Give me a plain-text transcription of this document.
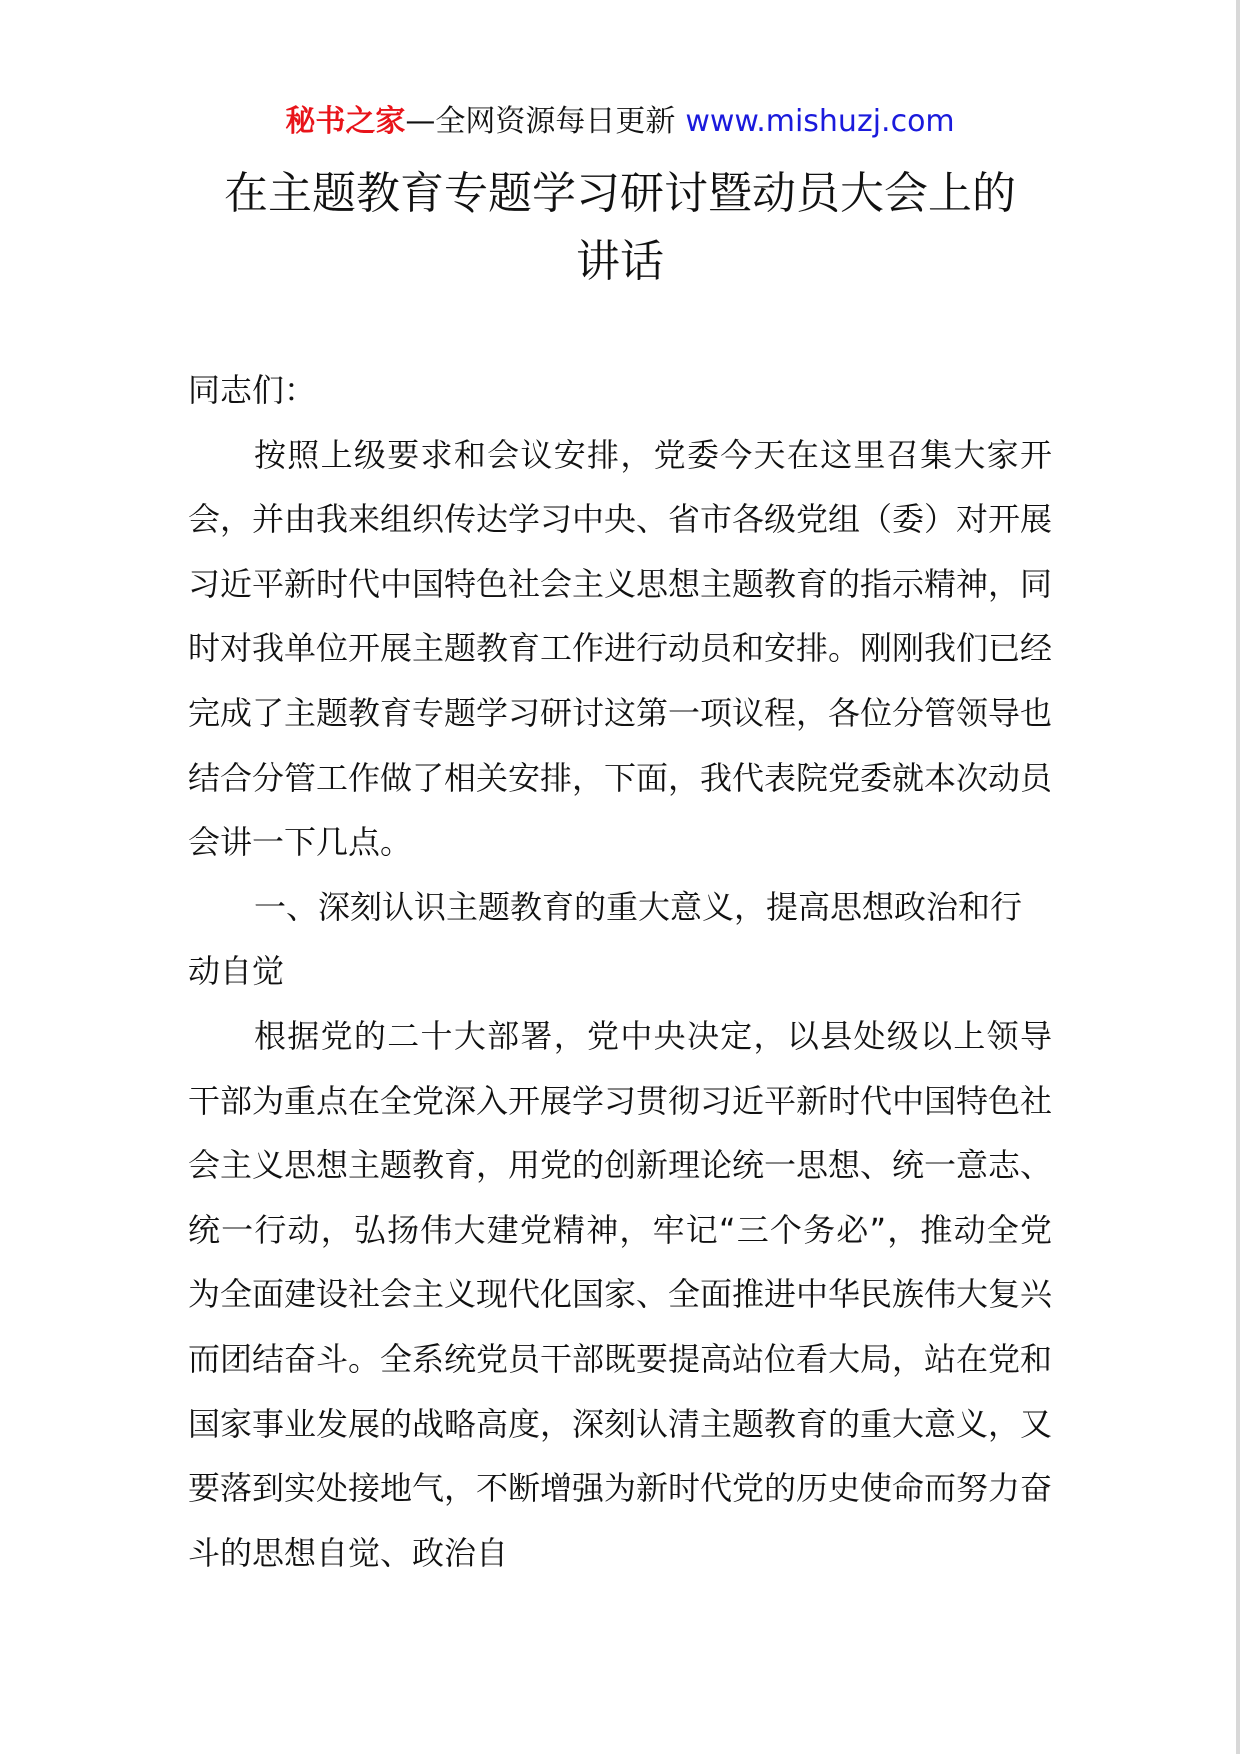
秘书之家—全网资源每日更新 www.mishuzj.com
在主题教育专题学习研讨暨动员大会上的
讲话

同志们：

按照上级要求和会议安排，党委今天在这里召集大家开会，并由我来组织传达学习中央、省市各级党组（委）对开展习近平新时代中国特色社会主义思想主题教育的指示精神，同时对我单位开展主题教育工作进行动员和安排。刚刚我们已经完成了主题教育专题学习研讨这第一项议程，各位分管领导也结合分管工作做了相关安排，下面，我代表院党委就本次动员会讲一下几点。

一、深刻认识主题教育的重大意义，提高思想政治和行动自觉

根据党的二十大部署，党中央决定，以县处级以上领导干部为重点在全党深入开展学习贯彻习近平新时代中国特色社会主义思想主题教育，用党的创新理论统一思想、统一意志、统一行动，弘扬伟大建党精神，牢记“三个务必”，推动全党为全面建设社会主义现代化国家、全面推进中华民族伟大复兴而团结奋斗。全系统党员干部既要提高站位看大局，站在党和国家事业发展的战略高度，深刻认清主题教育的重大意义，又要落到实处接地气，不断增强为新时代党的历史使命而努力奋斗的思想自觉、政治自
